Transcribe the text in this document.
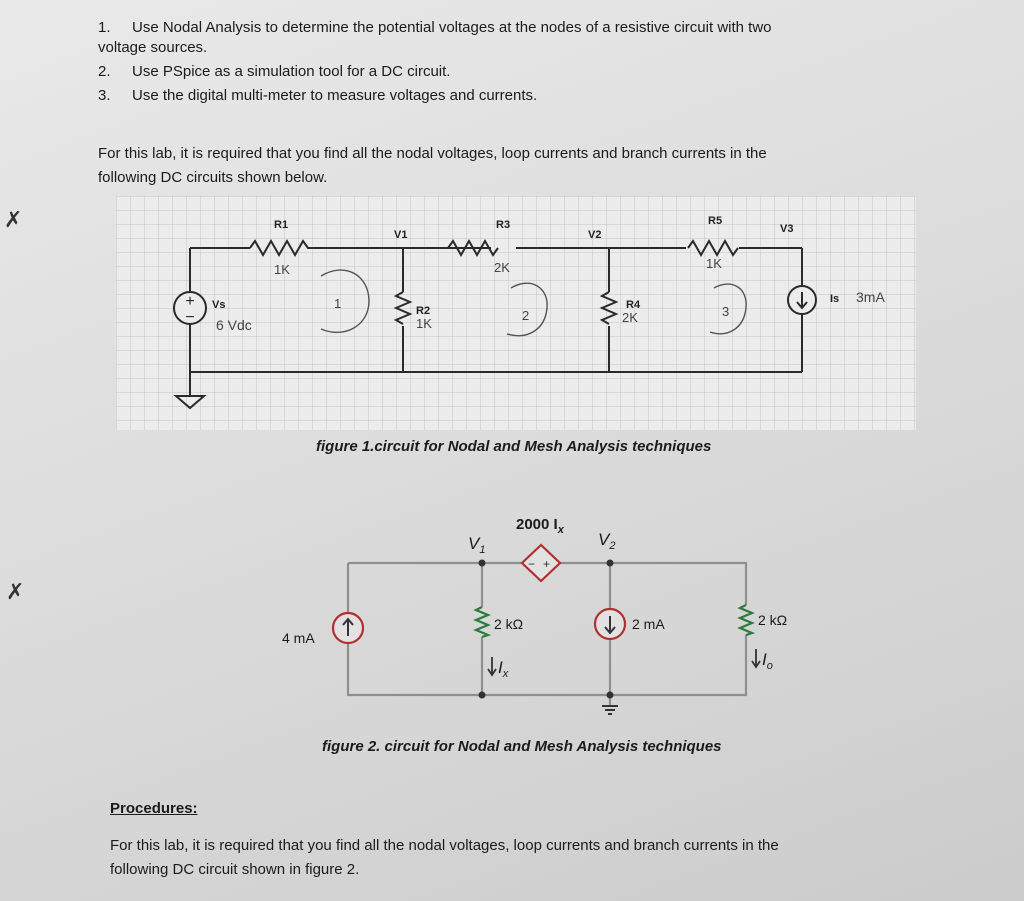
✗
✗
1. Use Nodal Analysis to determine the potential voltages at the nodes of a resistive circuit with two
voltage sources.
2. Use PSpice as a simulation tool for a DC circuit.
3. Use the digital multi-meter to measure voltages and currents.
For this lab, it is required that you find all the nodal voltages, loop currents and branch currents in the
following DC circuits shown below.
+
−
R1
V1
R3
V2
R5
V3
R2	R4
Vs	Is
1K	2K	1K
1K	2K
6 Vdc
3mA
1
2	3
figure 1.circuit for Nodal and Mesh Analysis techniques
− +
2000 $I_x$
$V_1$
$V_2$
4 mA
2 kΩ	2 mA	2 kΩ
$I_x$
$I_o$
figure 2. circuit for Nodal and Mesh Analysis techniques
Procedures:
For this lab, it is required that you find all the nodal voltages, loop currents and branch currents in the
following DC circuit shown in figure 2.
